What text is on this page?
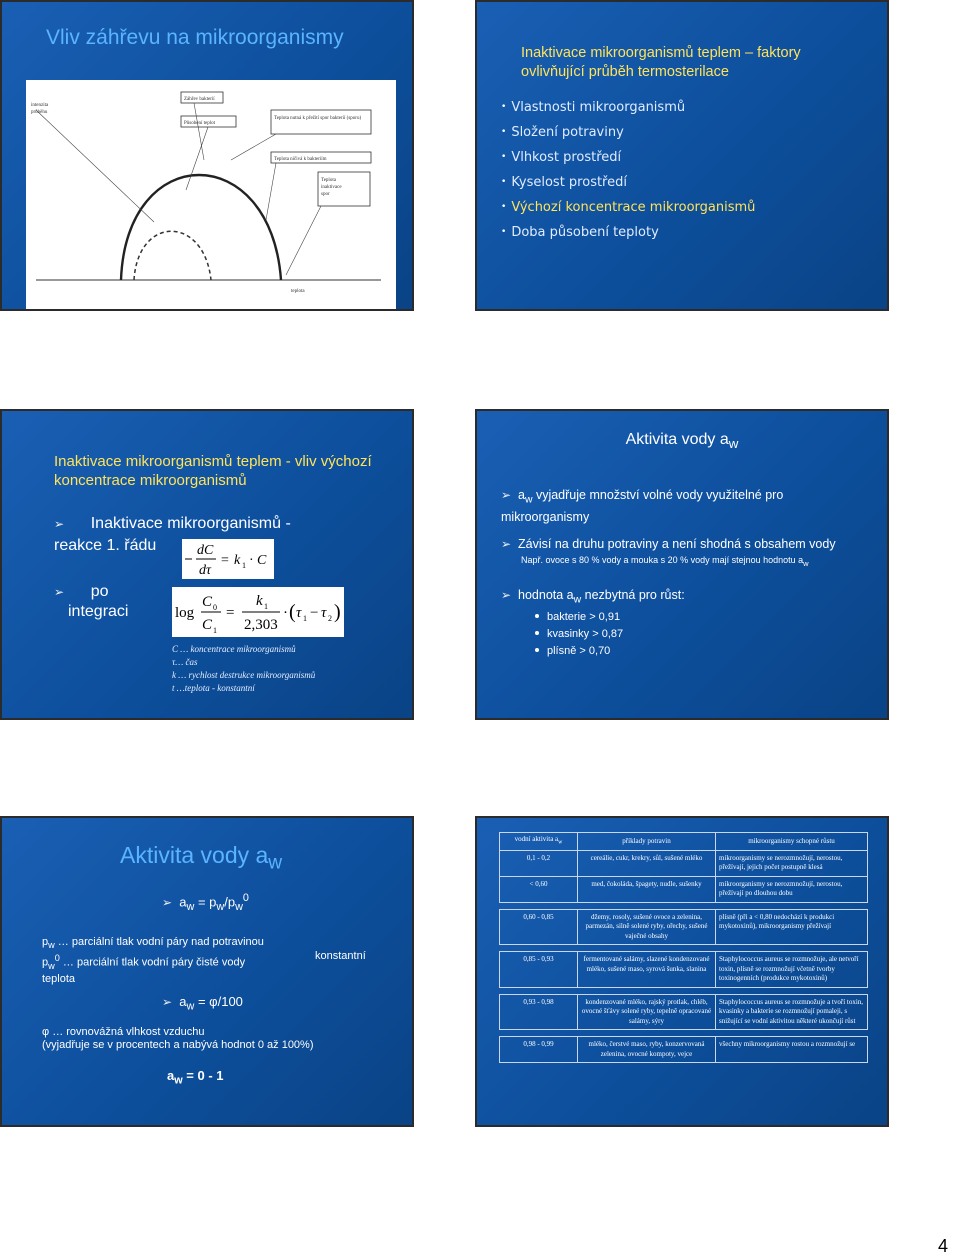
Vliv záhřevu na mikroorganismy
intenzita
průběhu
Záhřev bakterií
Působení teplot
Teplota nutná k přežití spor bakterií (sporu)
Teplota ničivá k bakteriím
Teplota
inaktivace
spor
teplota
Inaktivace mikroorganismů teplem – faktory ovlivňující průběh termosterilace
• Vlastnosti mikroorganismů
• Složení potraviny
• Vlhkost prostředí
• Kyselost prostředí
• Výchozí koncentrace mikroorganismů
• Doba působení teploty
Inaktivace mikroorganismů teplem - vliv výchozí koncentrace mikroorganismů
➢ Inaktivace mikroorganismů -
reakce 1. řádu
➢ po
integraci
dC
dτ
= k 1 · C
log
C 0
C 1
=
k 1
2,303
· ( τ 1 − τ 2 )
C … koncentrace mikroorganismů
τ… čas
k … rychlost destrukce mikroorganismů
t …teplota - konstantní
Aktivita vody $a_w$
➢ $a_w$ vyjadřuje množství volné vody využitelné pro mikroorganismy
➢ Závisí na druhu potraviny a není shodná s obsahem vody
Např. ovoce s 80 % vody a mouka s 20 % vody mají stejnou hodnotu $a_w$
➢ hodnota $a_w$ nezbytná pro růst:
bakterie > 0,91
kvasinky > 0,87
plísně > 0,70
Aktivita vody $a_w$
➢ $a_w = p_w/p_w^0$
$p_w$ … parciální tlak vodní páry nad potravinou
$p_w^0$ … parciální tlak vodní páry čisté vody
teplota
konstantní
➢ $a_w = \varphi/100$
φ … rovnovážná vlhkost vzduchu
(vyjadřuje se v procentech a nabývá hodnot 0 až 100%)
$a_w = 0 - 1$
vodní aktivita $a_w$	příklady potravin	mikroorganismy schopné růstu
0,1 - 0,2	cereálie, cukr, krekry, sůl, sušené mléko	mikroorganismy se nerozmnožují, nerostou, přežívají, jejich počet postupně klesá
< 0,60	med, čokoláda, špagety, nudle, sušenky	mikroorganismy se nerozmnožují, nerostou, přežívají po dlouhou dobu

0,60 - 0,85	džemy, rosoly, sušené ovoce a zelenina, parmezán, silně solené ryby, ořechy, sušené vaječné obsahy	plísně (při a < 0,80 nedochází k produkci mykotoxinů), mikroorganismy přežívají

0,85 - 0,93	fermentované salámy, slazené kondenzované mléko, sušené maso, syrová šunka, slanina	Staphylococcus aureus se rozmnožuje, ale netvoří toxin, plísně se rozmnožují včetně tvorby toxinogenních (produkce mykotoxinů)

0,93 - 0,98	kondenzované mléko, rajský protlak, chléb, ovocné šťávy solené ryby, tepelně opracované salámy, sýry	Staphylococcus aureus se rozmnožuje a tvoří toxin, kvasinky a bakterie se rozmnožují pomaleji, s snižující se vodní aktivitou některé ukončují růst

0,98 - 0,99	mléko, čerstvé maso, ryby, konzervovaná zelenina, ovocné kompoty, vejce	všechny mikroorganismy rostou a rozmnožují se
4
